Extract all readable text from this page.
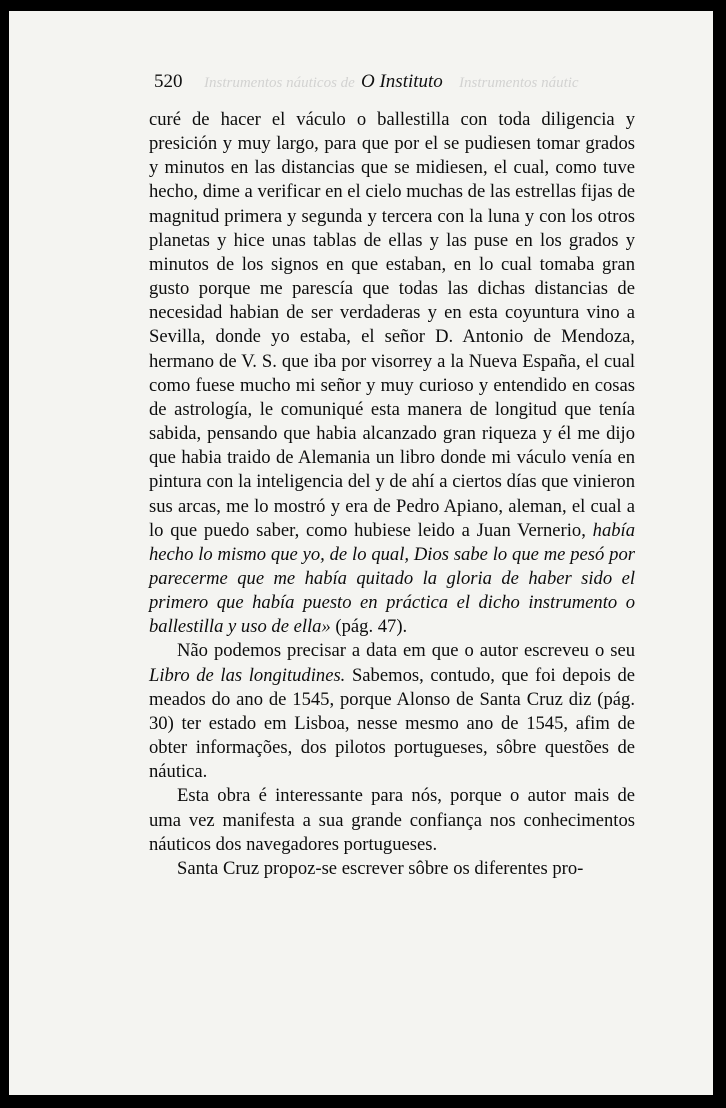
Instrumentos náuticos de	Instrumentos náutic
520	O Instituto

curé de hacer el váculo o ballestilla con toda diligencia y presición y muy largo, para que por el se pudiesen tomar grados y minutos en las distancias que se midiesen, el cual, como tuve hecho, dime a verificar en el cielo muchas de las estrellas fijas de magnitud primera y segunda y tercera con la luna y con los otros planetas y hice unas tablas de ellas y las puse en los grados y minutos de los signos en que estaban, en lo cual tomaba gran gusto porque me parescía que todas las dichas distancias de necesidad habian de ser verdaderas y en esta coyuntura vino a Sevilla, donde yo estaba, el señor D. Antonio de Mendoza, hermano de V. S. que iba por visorrey a la Nueva España, el cual como fuese mucho mi señor y muy curioso y entendido en cosas de astrología, le comuniqué esta manera de longitud que tenía sabida, pensando que habia alcanzado gran riqueza y él me dijo que habia traido de Alemania un libro donde mi váculo venía en pintura con la inteligencia del y de ahí a ciertos días que vinieron sus arcas, me lo mostró y era de Pedro Apiano, aleman, el cual a lo que puedo saber, como hubiese leido a Juan Vernerio, había hecho lo mismo que yo, de lo qual, Dios sabe lo que me pesó por parecerme que me había quitado la gloria de haber sido el primero que había puesto en práctica el dicho instrumento o ballestilla y uso de ella» (pág. 47).

Não podemos precisar a data em que o autor escreveu o seu Libro de las longitudines. Sabemos, contudo, que foi depois de meados do ano de 1545, porque Alonso de Santa Cruz diz (pág. 30) ter estado em Lisboa, nesse mesmo ano de 1545, afim de obter informações, dos pilotos portugueses, sôbre questões de náutica.

Esta obra é interessante para nós, porque o autor mais de uma vez manifesta a sua grande confiança nos conhecimentos náuticos dos navegadores portugueses.

Santa Cruz propoz-se escrever sôbre os diferentes pro-
